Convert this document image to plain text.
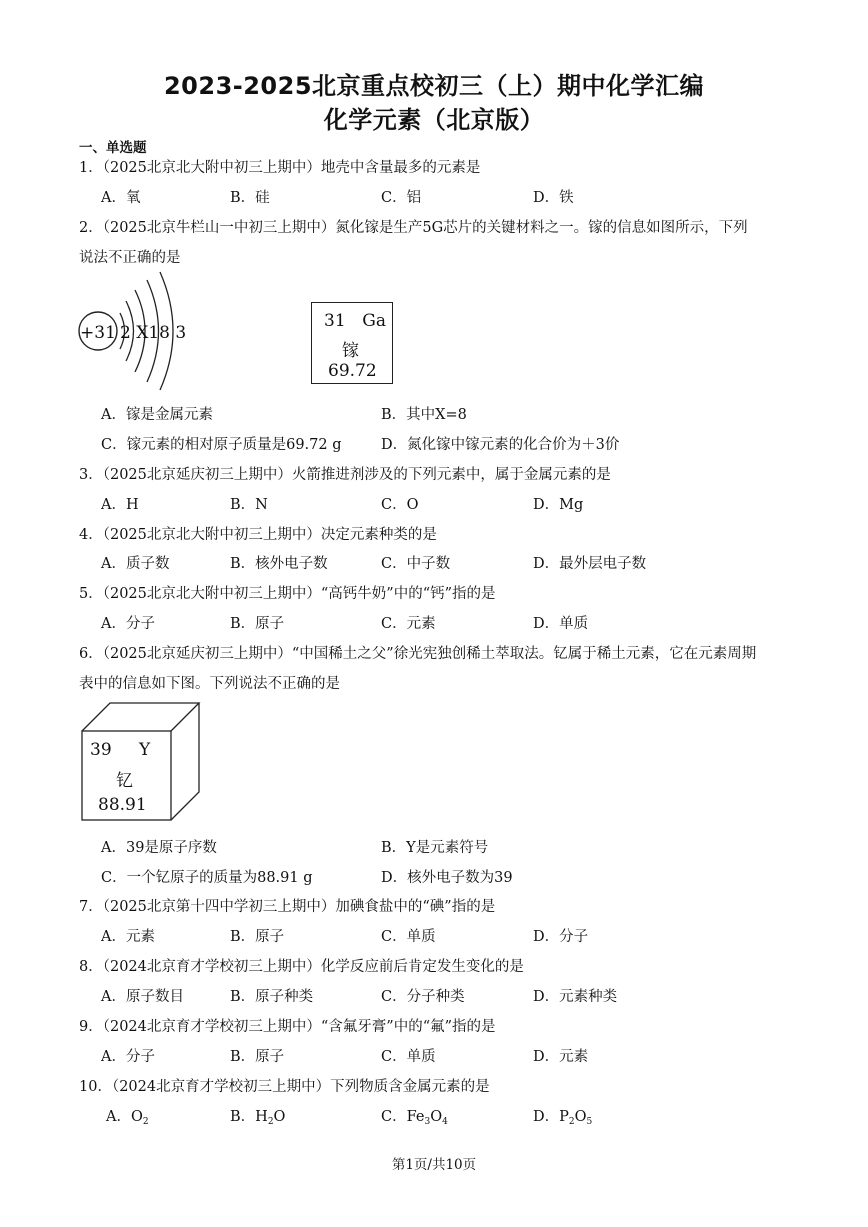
2023-2025北京重点校初三（上）期中化学汇编
化学元素（北京版）
一、单选题
1．（2025北京北大附中初三上期中）地壳中含量最多的元素是
A．氧	B．硅	C．铝	D．铁
2．（2025北京牛栏山一中初三上期中）氮化镓是生产5G芯片的关键材料之一。镓的信息如图所示，下列
说法不正确的是
+31 2 X18 3
31 Ga
镓
69.72
A．镓是金属元素	B．其中X=8
C．镓元素的相对原子质量是69.72 g	D．氮化镓中镓元素的化合价为＋3价
3．（2025北京延庆初三上期中）火箭推进剂涉及的下列元素中，属于金属元素的是
A．H	B．N	C．O	D．Mg
4．（2025北京北大附中初三上期中）决定元素种类的是
A．质子数	B．核外电子数	C．中子数	D．最外层电子数
5．（2025北京北大附中初三上期中）“高钙牛奶”中的“钙”指的是
A．分子	B．原子	C．元素	D．单质
6．（2025北京延庆初三上期中）“中国稀土之父”徐光宪独创稀土萃取法。钇属于稀土元素，它在元素周期
表中的信息如下图。下列说法不正确的是
39 Y
钇
88.91
A．39是原子序数	B．Y是元素符号
C．一个钇原子的质量为88.91 g	D．核外电子数为39
7．（2025北京第十四中学初三上期中）加碘食盐中的“碘”指的是
A．元素	B．原子	C．单质	D．分子
8．（2024北京育才学校初三上期中）化学反应前后肯定发生变化的是
A．原子数目	B．原子种类	C．分子种类	D．元素种类
9．（2024北京育才学校初三上期中）“含氟牙膏”中的“氟”指的是
A．分子	B．原子	C．单质	D．元素
10．（2024北京育才学校初三上期中）下列物质含金属元素的是
A．$O_2$	B．$H_2O$	C．$Fe_3O_4$	D．$P_2O_5$
第1页/共10页
